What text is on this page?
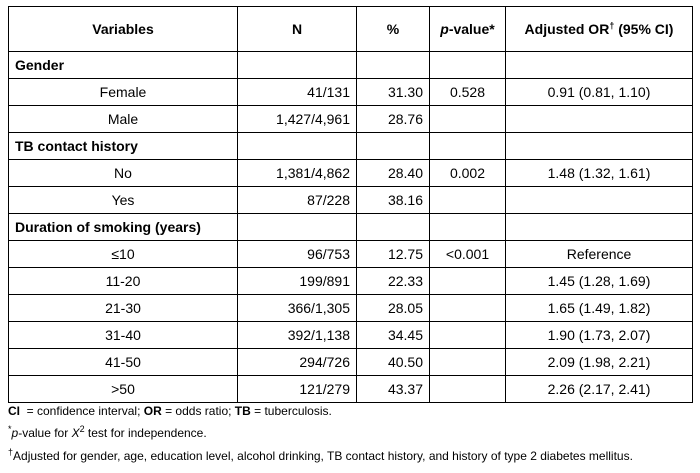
Variables	N	%	p-value*	Adjusted OR† (95% CI)
Gender				
Female	41/131	31.30	0.528	0.91 (0.81, 1.10)
Male	1,427/4,961	28.76		
TB contact history				
No	1,381/4,862	28.40	0.002	1.48 (1.32, 1.61)
Yes	87/228	38.16		
Duration of smoking (years)				
≤10	96/753	12.75	<0.001	Reference
11-20	199/891	22.33		1.45 (1.28, 1.69)
21-30	366/1,305	28.05		1.65 (1.49, 1.82)
31-40	392/1,138	34.45		1.90 (1.73, 2.07)
41-50	294/726	40.50		2.09 (1.98, 2.21)
>50	121/279	43.37		2.26 (2.17, 2.41)
CI  = confidence interval; OR = odds ratio; TB = tuberculosis.
*p-value for $X^2$ test for independence.
†Adjusted for gender, age, education level, alcohol drinking, TB contact history, and history of type 2 diabetes mellitus.
